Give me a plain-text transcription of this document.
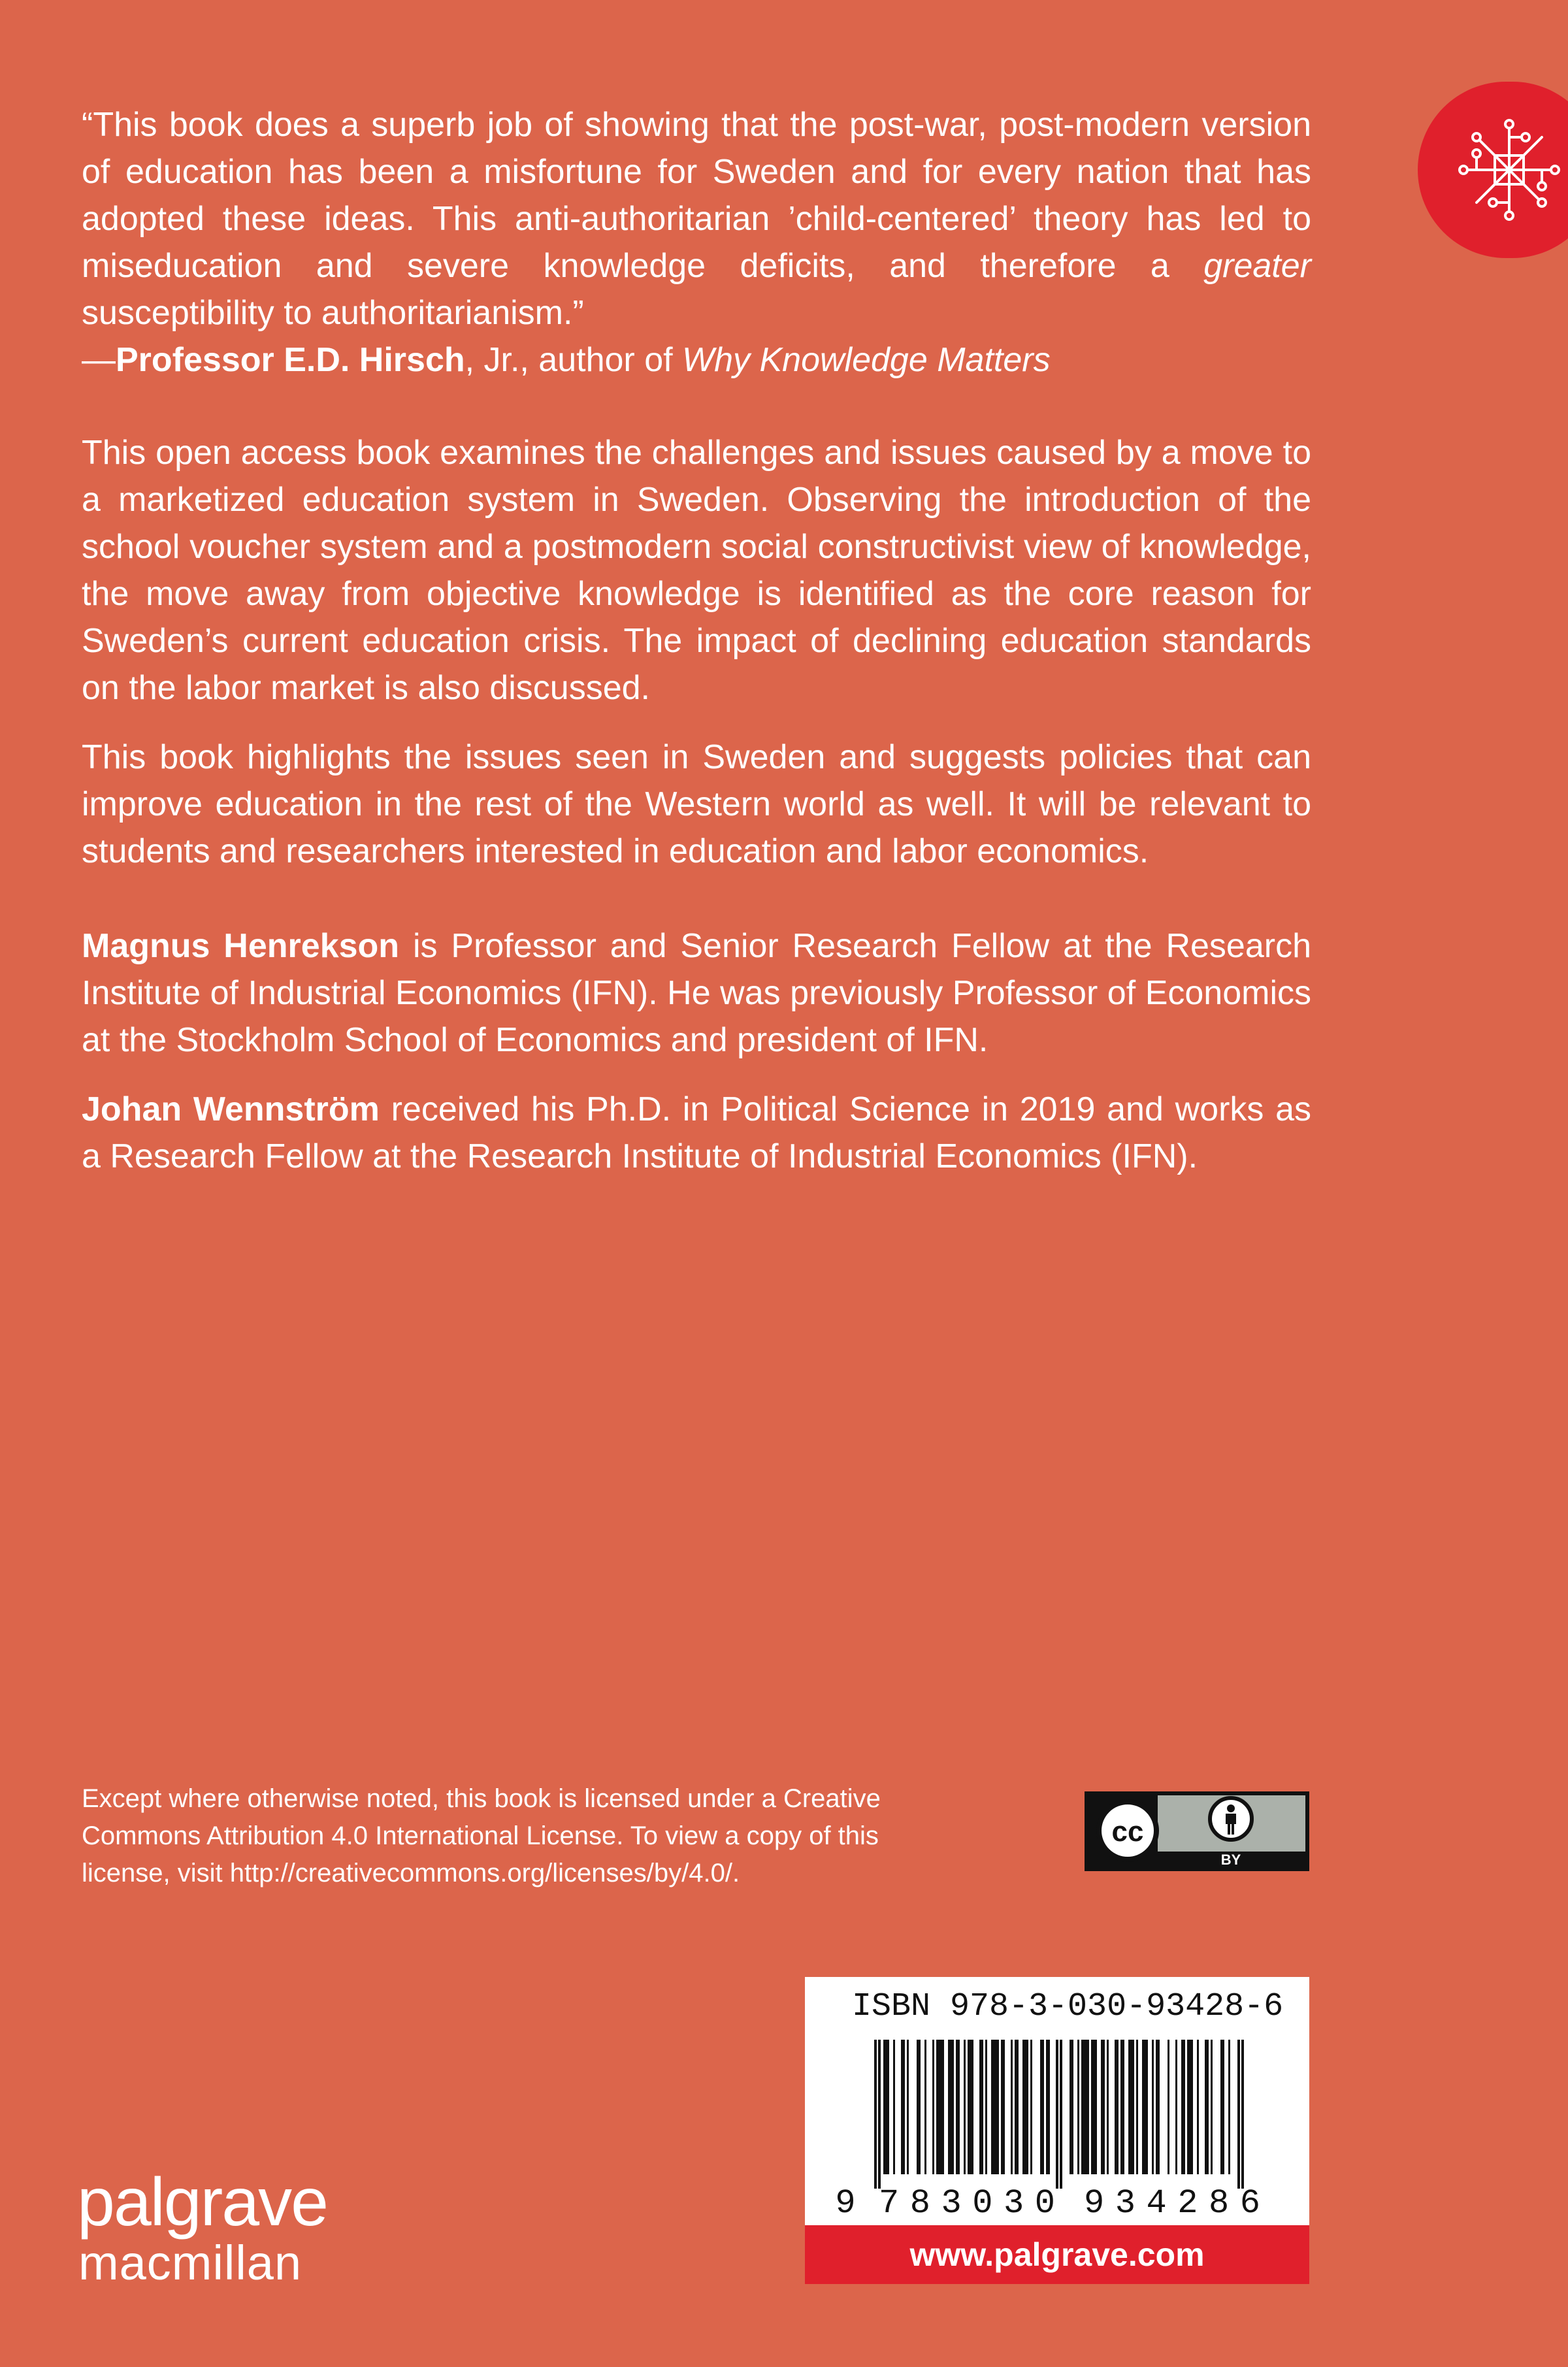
“This book does a superb job of showing that the post-war, post-modern version of education has been a misfortune for Sweden and for every nation that has adopted these ideas. This anti-authoritarian ’child-centered’ theory has led to miseducation and severe knowledge deficits, and therefore a greater susceptibility to authoritarianism.”

—Professor E.D. Hirsch, Jr., author of Why Knowledge Matters

This open access book examines the challenges and issues caused by a move to a marketized education system in Sweden. Observing the introduction of the school voucher system and a postmodern social constructivist view of knowledge, the move away from objective knowledge is identified as the core reason for Sweden’s current education crisis. The impact of declining education standards on the labor market is also discussed.

This book highlights the issues seen in Sweden and suggests policies that can improve education in the rest of the Western world as well. It will be relevant to students and researchers interested in education and labor economics.

Magnus Henrekson is Professor and Senior Research Fellow at the Research Institute of Industrial Economics (IFN). He was previously Professor of Economics at the Stockholm School of Economics and president of IFN.

Johan Wennström received his Ph.D. in Political Science in 2019 and works as a Research Fellow at the Research Institute of Industrial Economics (IFN).

Except where otherwise noted, this book is licensed under a Creative Commons Attribution 4.0 International License. To view a copy of this license, visit http://creativecommons.org/licenses/by/4.0/.

cc
BY
palgrave
macmillan
ISBN 978-3-030-93428-6
9 783030 934286
www.palgrave.com
